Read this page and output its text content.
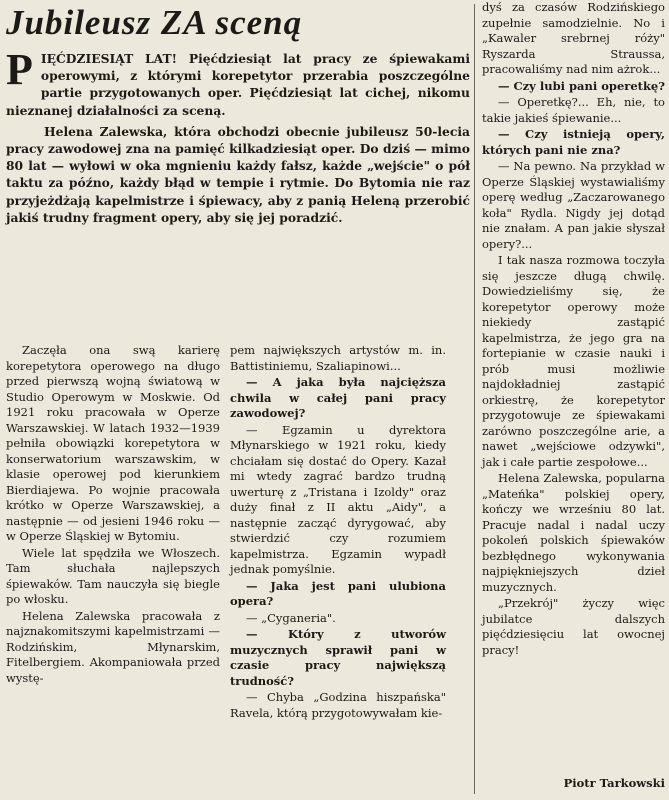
Jubileusz ZA sceną

PIĘĆDZIESIĄT LAT! Pięćdziesiąt lat pracy ze śpiewakami operowymi, z którymi korepetytor przerabia poszczególne partie przygotowanych oper. Pięćdziesiąt lat cichej, nikomu nieznanej działalności za sceną.

Helena Zalewska, która obchodzi obecnie jubileusz 50-lecia pracy zawodowej zna na pamięć kilkadziesiąt oper. Do dziś — mimo 80 lat — wyłowi w oka mgnieniu każdy fałsz, każde „wejście" o pół taktu za późno, każdy błąd w tempie i rytmie. Do Bytomia nie raz przyjeżdżają kapelmistrze i śpiewacy, aby z panią Heleną przerobić jakiś trudny fragment opery, aby się jej poradzić.

Zaczęła ona swą karierę korepetytora operowego na długo przed pierwszą wojną światową w Studio Operowym w Moskwie. Od 1921 roku pracowała w Operze Warszawskiej. W latach 1932—1939 pełniła obowiązki korepetytora w konserwatorium warszawskim, w klasie operowej pod kierunkiem Bierdiajewa. Po wojnie pracowała krótko w Operze Warszawskiej, a następnie — od jesieni 1946 roku — w Operze Śląskiej w Bytomiu.

Wiele lat spędziła we Włoszech. Tam słuchała najlepszych śpiewaków. Tam nauczyła się biegle po włosku.

Helena Zalewska pracowała z najznakomitszymi kapelmistrzami — Rodzińskim, Młynarskim, Fitelbergiem. Akompaniowała przed wystę-

pem największych artystów m. in. Battistiniemu, Szaliapinowi...

— A jaka była najcięższa chwila w całej pani pracy zawodowej?

— Egzamin u dyrektora Młynarskiego w 1921 roku, kiedy chciałam się dostać do Opery. Kazał mi wtedy zagrać bardzo trudną uwerturę z „Tristana i Izoldy" oraz duży finał z II aktu „Aidy", a następnie zacząć dyrygować, aby stwierdzić czy rozumiem kapelmistrza. Egzamin wypadł jednak pomyślnie.

— Jaka jest pani ulubiona opera?

— „Cyganeria".

— Który z utworów muzycznych sprawił pani w czasie pracy największą trudność?

— Chyba „Godzina hiszpańska" Ravela, którą przygotowywałam kie-

dyś za czasów Rodzińskiego zupełnie samodzielnie. No i „Kawaler srebrnej róży" Ryszarda Straussa, pracowaliśmy nad nim ażrok...

— Czy lubi pani operetkę?

— Operetkę?... Eh, nie, to takie jakieś śpiewanie...

— Czy istnieją opery, których pani nie zna?

— Na pewno. Na przykład w Operze Śląskiej wystawialiśmy operę według „Zaczarowanego koła" Rydla. Nigdy jej dotąd nie znałam. A pan jakie słyszał opery?...

I tak nasza rozmowa toczyła się jeszcze długą chwilę. Dowiedzieliśmy się, że korepetytor operowy może niekiedy zastąpić kapelmistrza, że jego gra na fortepianie w czasie nauki i prób musi możliwie najdokładniej zastąpić orkiestrę, że korepetytor przygotowuje ze śpiewakami zarówno poszczególne arie, a nawet „wejściowe odzywki", jak i całe partie zespołowe...

Helena Zalewska, popularna „Mateńka" polskiej opery, kończy we wrześniu 80 lat. Pracuje nadal i nadal uczy pokoleń polskich śpiewaków bezbłędnego wykonywania najpiękniejszych dzieł muzycznych.

„Przekrój" życzy więc jubilatce dalszych pięćdziesięciu lat owocnej pracy!

Piotr Tarkowski
